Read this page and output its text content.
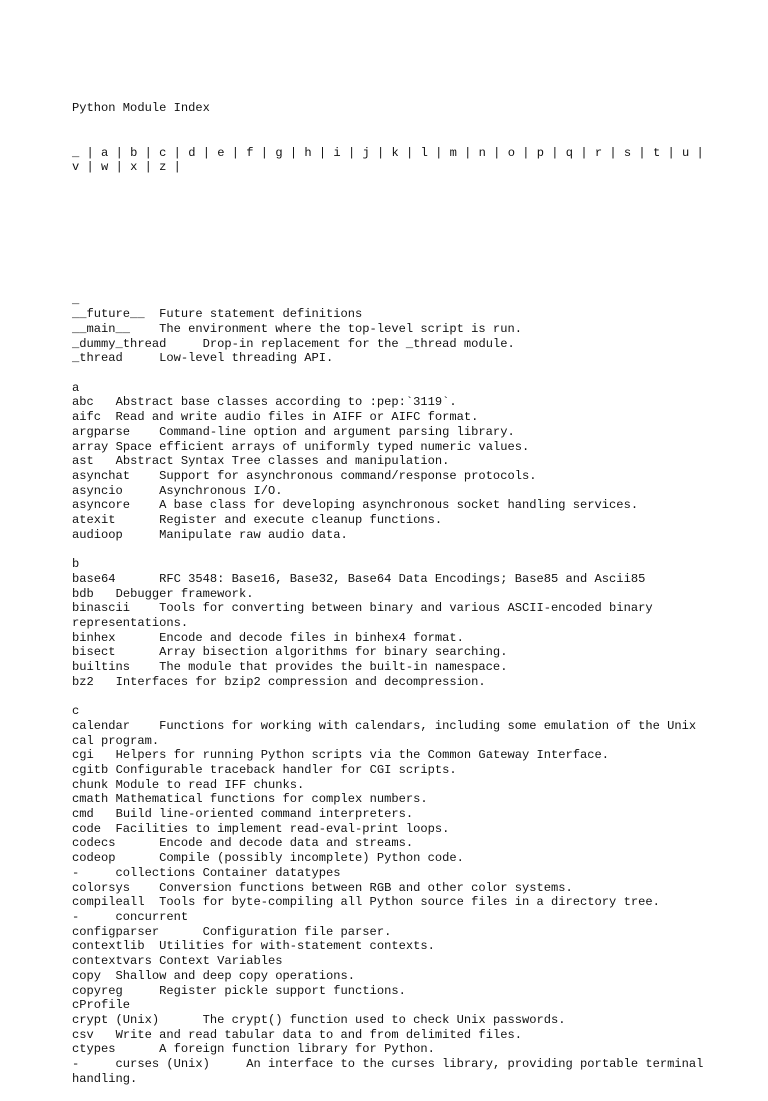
Python Module Index

_ | a | b | c | d | e | f | g | h | i | j | k | l | m | n | o | p | q | r | s | t | u | v | w | x | z |

_
__future__ Future statement definitions
__main__ The environment where the top-level script is run.
_dummy_thread	Drop-in replacement for the _thread module.
_thread	Low-level threading API.
a
abc Abstract base classes according to :pep:`3119`.
aifc Read and write audio files in AIFF or AIFC format.
argparse Command-line option and argument parsing library.
array Space efficient arrays of uniformly typed numeric values.
ast Abstract Syntax Tree classes and manipulation.
asynchat Support for asynchronous command/response protocols.
asyncio	Asynchronous I/O.
asyncore A base class for developing asynchronous socket handling services.
atexit	Register and execute cleanup functions.
audioop	Manipulate raw audio data.
b
base64	RFC 3548: Base16, Base32, Base64 Data Encodings; Base85 and Ascii85
bdb Debugger framework.
binascii Tools for converting between binary and various ASCII-encoded binary representations.
binhex	Encode and decode files in binhex4 format.
bisect	Array bisection algorithms for binary searching.
builtins The module that provides the built-in namespace.
bz2 Interfaces for bzip2 compression and decompression.
c
calendar Functions for working with calendars, including some emulation of the Unix cal program.
cgi Helpers for running Python scripts via the Common Gateway Interface.
cgitb Configurable traceback handler for CGI scripts.
chunk Module to read IFF chunks.
cmath Mathematical functions for complex numbers.
cmd Build line-oriented command interpreters.
code Facilities to implement read-eval-print loops.
codecs	Encode and decode data and streams.
codeop	Compile (possibly incomplete) Python code.
-     collections Container datatypes
colorsys Conversion functions between RGB and other color systems.
compileall Tools for byte-compiling all Python source files in a directory tree.
-     concurrent
configparser	Configuration file parser.
contextlib Utilities for with-statement contexts.
contextvars Context Variables
copy Shallow and deep copy operations.
copyreg	Register pickle support functions.
cProfile
crypt (Unix)	The crypt() function used to check Unix passwords.
csv Write and read tabular data to and from delimited files.
ctypes	A foreign function library for Python.
-     curses (Unix)	An interface to the curses library, providing portable terminal handling.
